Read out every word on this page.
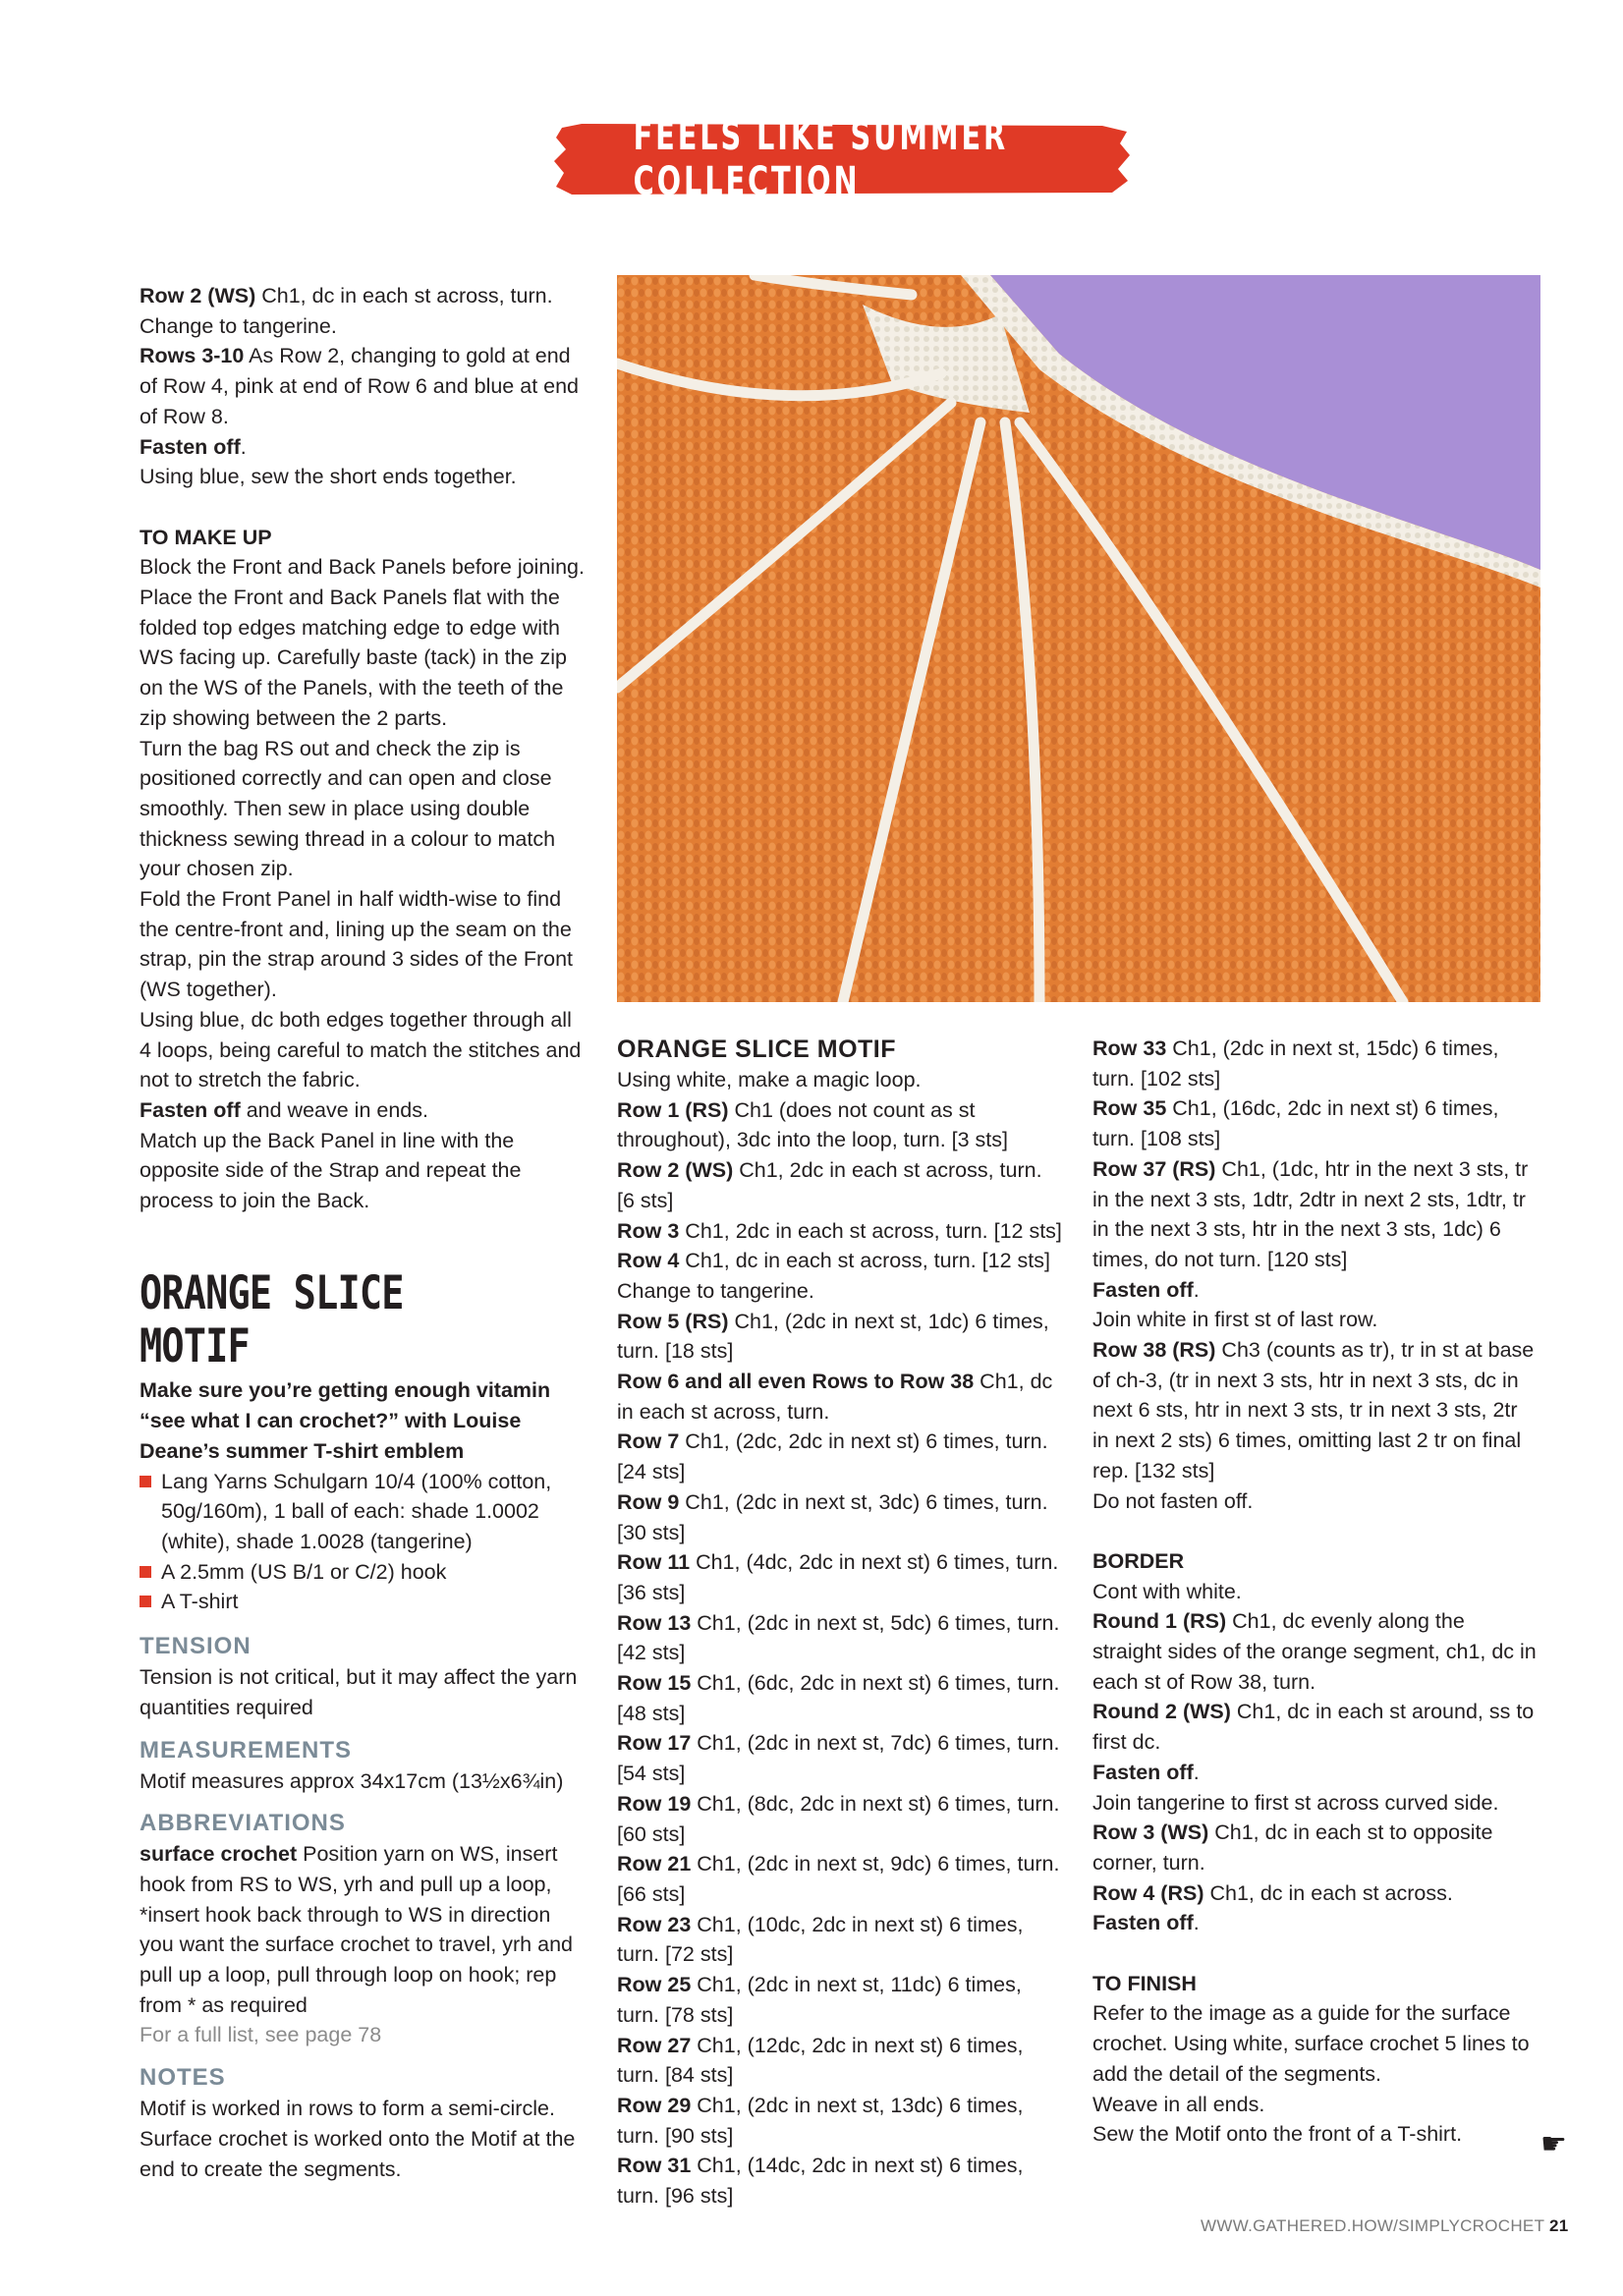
FEELS LIKE SUMMER COLLECTION

Row 2 (WS) Ch1, dc in each st across, turn. Change to tangerine.

Rows 3-10 As Row 2, changing to gold at end of Row 4, pink at end of Row 6 and blue at end of Row 8.

Fasten off.

Using blue, sew the short ends together.

TO MAKE UP

Block the Front and Back Panels before joining. Place the Front and Back Panels flat with the folded top edges matching edge to edge with WS facing up. Carefully baste (tack) in the zip on the WS of the Panels, with the teeth of the zip showing between the 2 parts.

Turn the bag RS out and check the zip is positioned correctly and can open and close smoothly. Then sew in place using double thickness sewing thread in a colour to match your chosen zip.

Fold the Front Panel in half width-wise to find the centre-front and, lining up the seam on the strap, pin the strap around 3 sides of the Front (WS together).

Using blue, dc both edges together through all 4 loops, being careful to match the stitches and not to stretch the fabric.

Fasten off and weave in ends.

Match up the Back Panel in line with the opposite side of the Strap and repeat the process to join the Back.

ORANGE SLICE MOTIF

Make sure you’re getting enough vitamin “see what I can crochet?” with Louise Deane’s summer T-shirt emblem

Lang Yarns Schulgarn 10/4 (100% cotton, 50g/160m), 1 ball of each: shade 1.0002 (white), shade 1.0028 (tangerine)
A 2.5mm (US B/1 or C/2) hook
A T-shirt

TENSION

Tension is not critical, but it may affect the yarn quantities required

MEASUREMENTS

Motif measures approx 34x17cm (13½x6¾in)

ABBREVIATIONS

surface crochet Position yarn on WS, insert hook from RS to WS, yrh and pull up a loop, *insert hook back through to WS in direction you want the surface crochet to travel, yrh and pull up a loop, pull through loop on hook; rep from * as required

For a full list, see page 78

NOTES

Motif is worked in rows to form a semi-circle. Surface crochet is worked onto the Motif at the end to create the segments.

ORANGE SLICE MOTIF

Using white, make a magic loop.

Row 1 (RS) Ch1 (does not count as st throughout), 3dc into the loop, turn. [3 sts]

Row 2 (WS) Ch1, 2dc in each st across, turn. [6 sts]

Row 3 Ch1, 2dc in each st across, turn. [12 sts]

Row 4 Ch1, dc in each st across, turn. [12 sts] Change to tangerine.

Row 5 (RS) Ch1, (2dc in next st, 1dc) 6 times, turn. [18 sts]

Row 6 and all even Rows to Row 38 Ch1, dc in each st across, turn.

Row 7 Ch1, (2dc, 2dc in next st) 6 times, turn. [24 sts]

Row 9 Ch1, (2dc in next st, 3dc) 6 times, turn. [30 sts]

Row 11 Ch1, (4dc, 2dc in next st) 6 times, turn. [36 sts]

Row 13 Ch1, (2dc in next st, 5dc) 6 times, turn. [42 sts]

Row 15 Ch1, (6dc, 2dc in next st) 6 times, turn. [48 sts]

Row 17 Ch1, (2dc in next st, 7dc) 6 times, turn. [54 sts]

Row 19 Ch1, (8dc, 2dc in next st) 6 times, turn. [60 sts]

Row 21 Ch1, (2dc in next st, 9dc) 6 times, turn. [66 sts]

Row 23 Ch1, (10dc, 2dc in next st) 6 times, turn. [72 sts]

Row 25 Ch1, (2dc in next st, 11dc) 6 times, turn. [78 sts]

Row 27 Ch1, (12dc, 2dc in next st) 6 times, turn. [84 sts]

Row 29 Ch1, (2dc in next st, 13dc) 6 times, turn. [90 sts]

Row 31 Ch1, (14dc, 2dc in next st) 6 times, turn. [96 sts]

Row 33 Ch1, (2dc in next st, 15dc) 6 times, turn. [102 sts]

Row 35 Ch1, (16dc, 2dc in next st) 6 times, turn. [108 sts]

Row 37 (RS) Ch1, (1dc, htr in the next 3 sts, tr in the next 3 sts, 1dtr, 2dtr in next 2 sts, 1dtr, tr in the next 3 sts, htr in the next 3 sts, 1dc) 6 times, do not turn. [120 sts]

Fasten off.

Join white in first st of last row.

Row 38 (RS) Ch3 (counts as tr), tr in st at base of ch-3, (tr in next 3 sts, htr in next 3 sts, dc in next 6 sts, htr in next 3 sts, tr in next 3 sts, 2tr in next 2 sts) 6 times, omitting last 2 tr on final rep. [132 sts]

Do not fasten off.

BORDER

Cont with white.

Round 1 (RS) Ch1, dc evenly along the straight sides of the orange segment, ch1, dc in each st of Row 38, turn.

Round 2 (WS) Ch1, dc in each st around, ss to first dc.

Fasten off.

Join tangerine to first st across curved side.

Row 3 (WS) Ch1, dc in each st to opposite corner, turn.

Row 4 (RS) Ch1, dc in each st across.

Fasten off.

TO FINISH

Refer to the image as a guide for the surface crochet. Using white, surface crochet 5 lines to add the detail of the segments.

Weave in all ends.

Sew the Motif onto the front of a T-shirt.	☛
WWW.GATHERED.HOW/SIMPLYCROCHET 21
